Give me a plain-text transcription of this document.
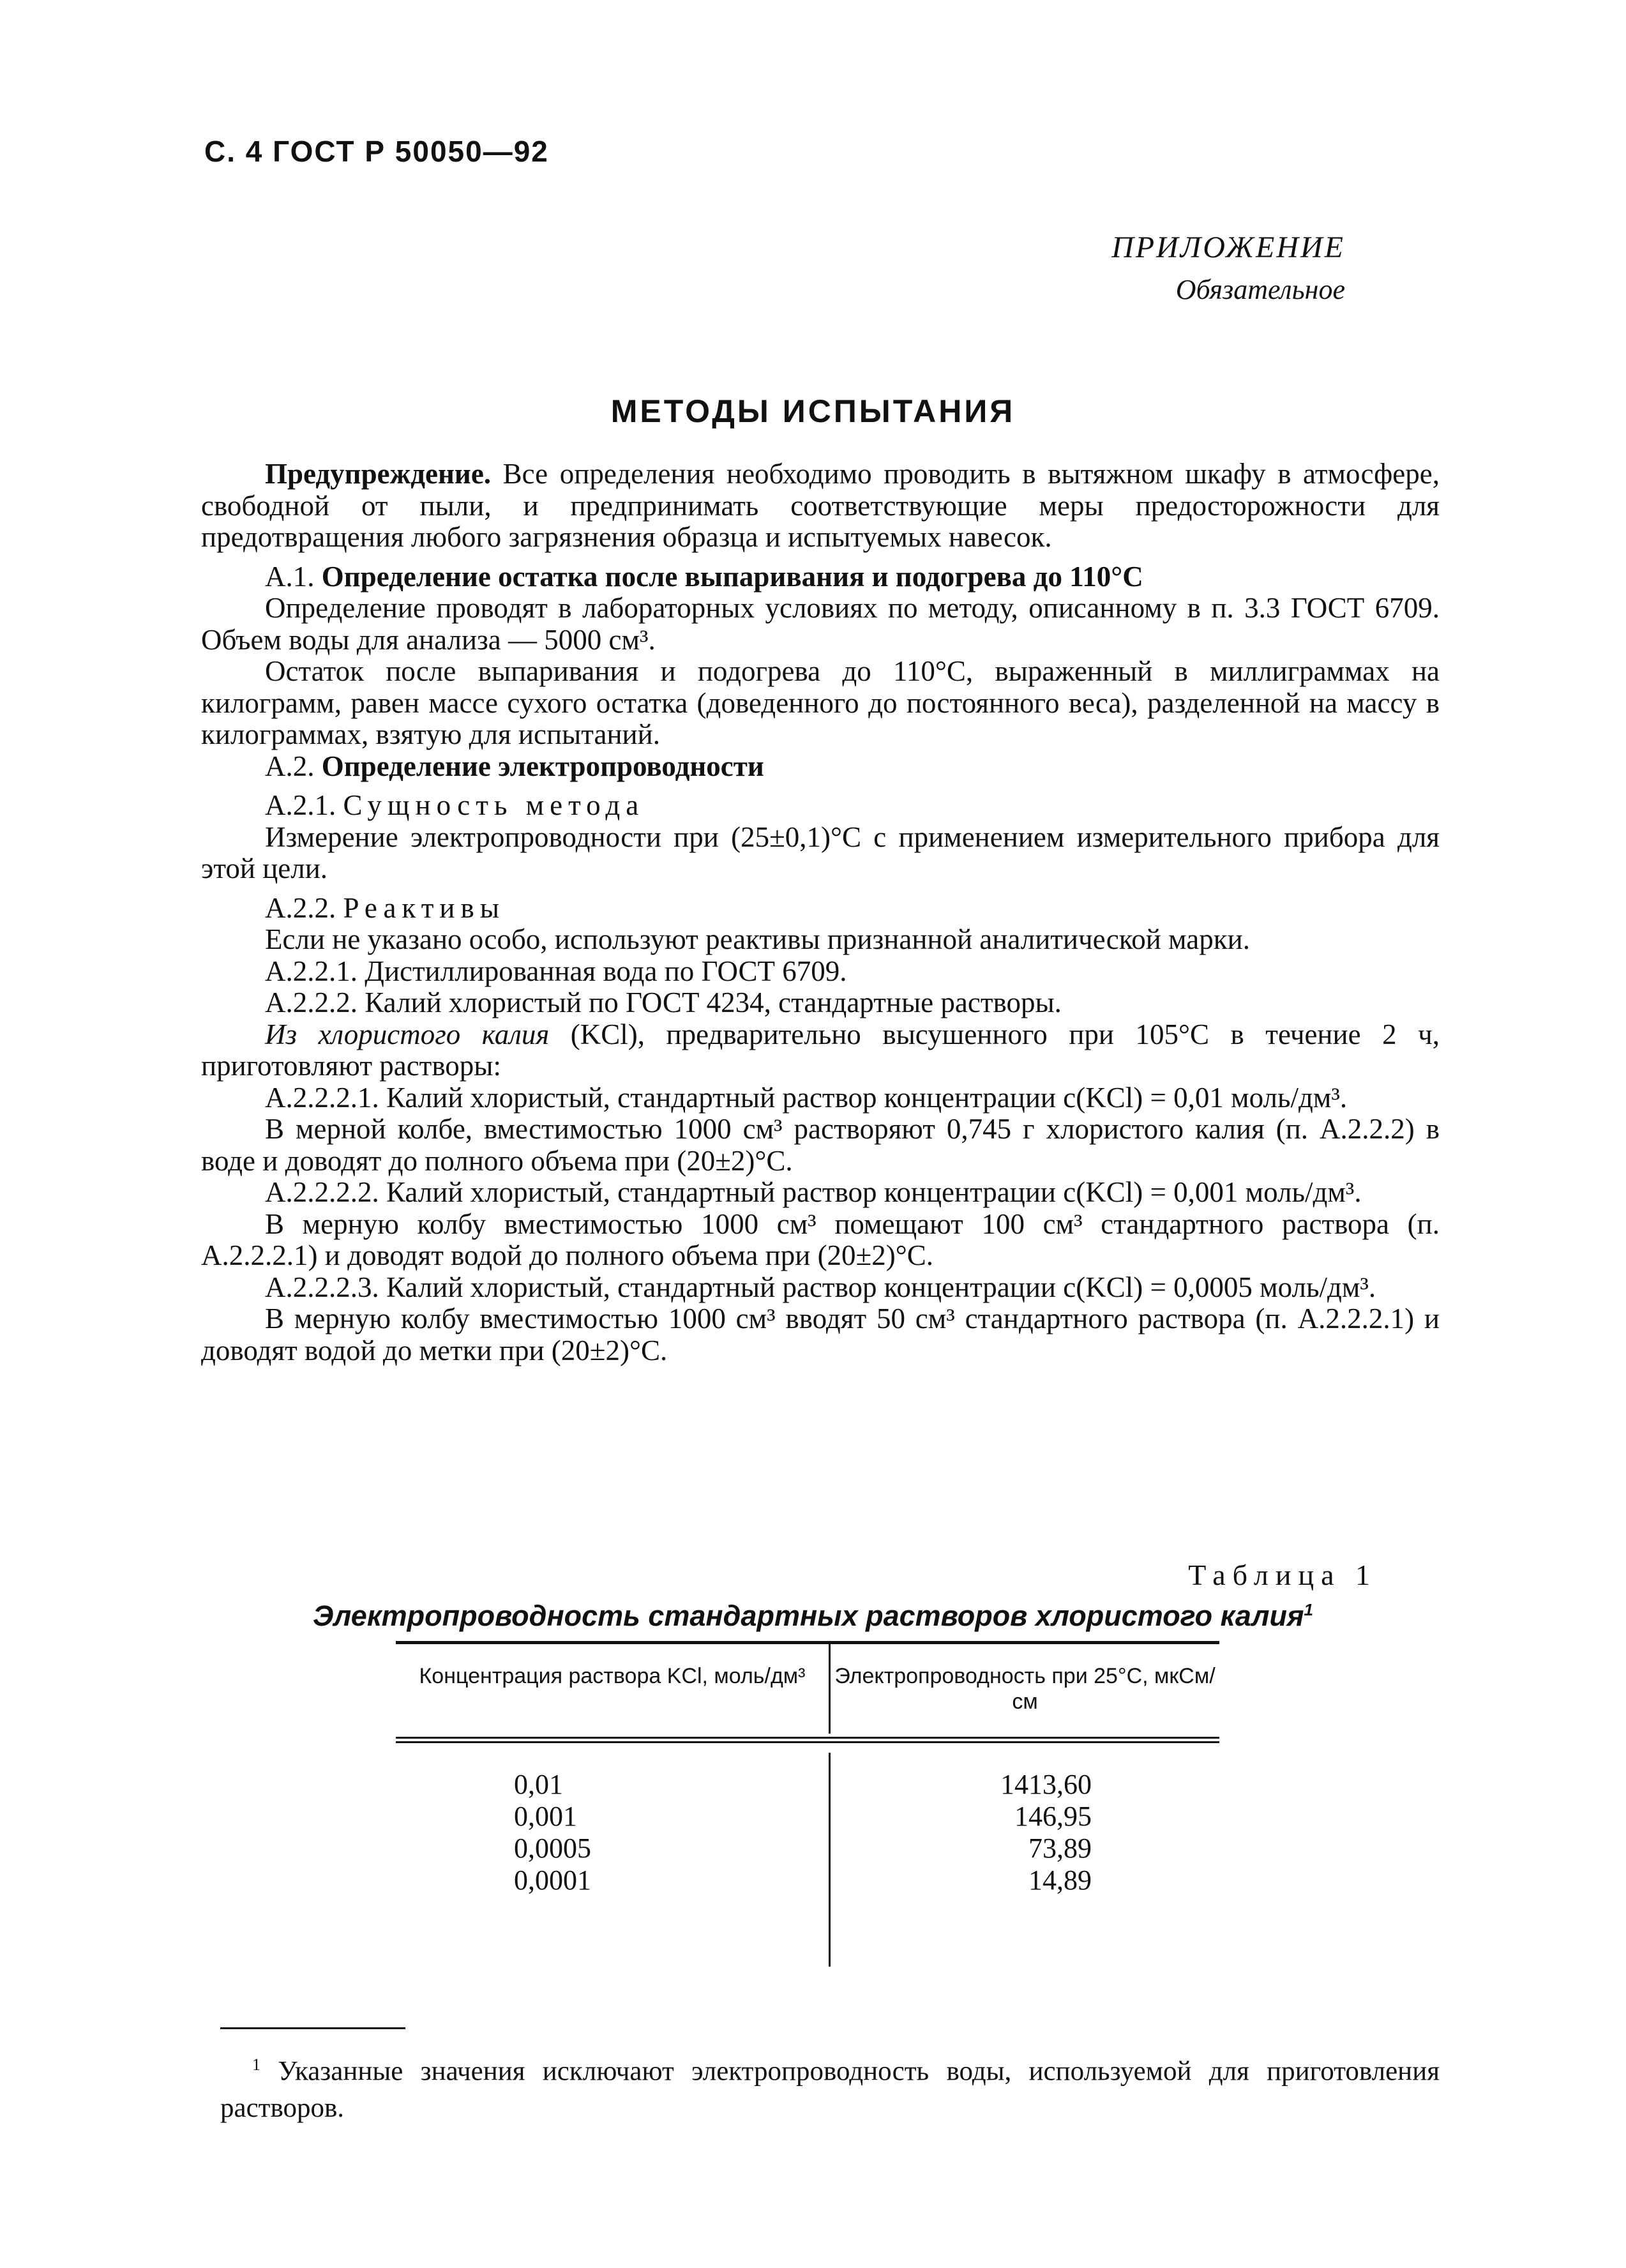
С. 4 ГОСТ Р 50050—92
ПРИЛОЖЕНИЕ
Обязательное
МЕТОДЫ ИСПЫТАНИЯ

Предупреждение. Все определения необходимо проводить в вытяжном шкафу в атмосфере, свободной от пыли, и предпринимать соответствующие меры предосторожности для предотвращения любого загрязнения образца и испытуемых навесок.

А.1. Определение остатка после выпаривания и подогрева до 110°С

Определение проводят в лабораторных условиях по методу, описанному в п. 3.3 ГОСТ 6709. Объем воды для анализа — 5000 см³.

Остаток после выпаривания и подогрева до 110°С, выраженный в миллиграммах на килограмм, равен массе сухого остатка (доведенного до постоянного веса), разделенной на массу в килограммах, взятую для испытаний.

А.2. Определение электропроводности

А.2.1. Сущность метода

Измерение электропроводности при (25±0,1)°С с применением измерительного прибора для этой цели.

А.2.2. Реактивы

Если не указано особо, используют реактивы признанной аналитической марки.

А.2.2.1. Дистиллированная вода по ГОСТ 6709.

А.2.2.2. Калий хлористый по ГОСТ 4234, стандартные растворы.

Из хлористого калия (KCl), предварительно высушенного при 105°С в течение 2 ч, приготовляют растворы:

А.2.2.2.1. Калий хлористый, стандартный раствор концентрации c(KCl) = 0,01 моль/дм³.

В мерной колбе, вместимостью 1000 см³ растворяют 0,745 г хлористого калия (п. А.2.2.2) в воде и доводят до полного объема при (20±2)°С.

А.2.2.2.2. Калий хлористый, стандартный раствор концентрации c(KCl) = 0,001 моль/дм³.

В мерную колбу вместимостью 1000 см³ помещают 100 см³ стандартного раствора (п. А.2.2.2.1) и доводят водой до полного объема при (20±2)°С.

А.2.2.2.3. Калий хлористый, стандартный раствор концентрации c(KCl) = 0,0005 моль/дм³.

В мерную колбу вместимостью 1000 см³ вводят 50 см³ стандартного раствора (п. А.2.2.2.1) и доводят водой до метки при (20±2)°С.

Таблица 1
Электропроводность стандартных растворов хлористого калия$^1$
Концентрация раствора KCl, моль/дм³	Электропроводность при 25°С, мкСм/см
0,01
0,001
0,0005
0,0001
1413,60
146,95
73,89
14,89
$^1$ Указанные значения исключают электропроводность воды, используемой для приготовления растворов.
